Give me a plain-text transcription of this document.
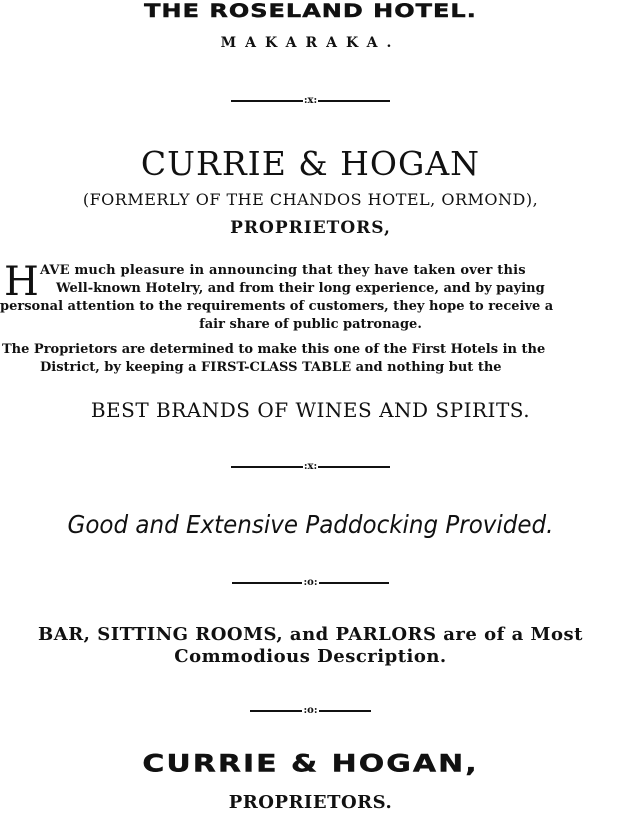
THE ROSELAND HOTEL.
MAKARAKA.
:x:
CURRIE & HOGAN
(FORMERLY OF THE CHANDOS HOTEL, ORMOND),
PROPRIETORS,
H AVE much pleasure in announcing that they have taken over this
Well-known Hotelry, and from their long experience, and by paying
personal attention to the requirements of customers, they hope to receive a
fair share of public patronage.
The Proprietors are determined to make this one of the First Hotels in the
District, by keeping a FIRST-CLASS TABLE and nothing but the
BEST BRANDS OF WINES AND SPIRITS.
:x:
Good and Extensive Paddocking Provided.
:o:
BAR, SITTING ROOMS, and PARLORS are of a Most
Commodious Description.
:o:
CURRIE & HOGAN,
PROPRIETORS.
